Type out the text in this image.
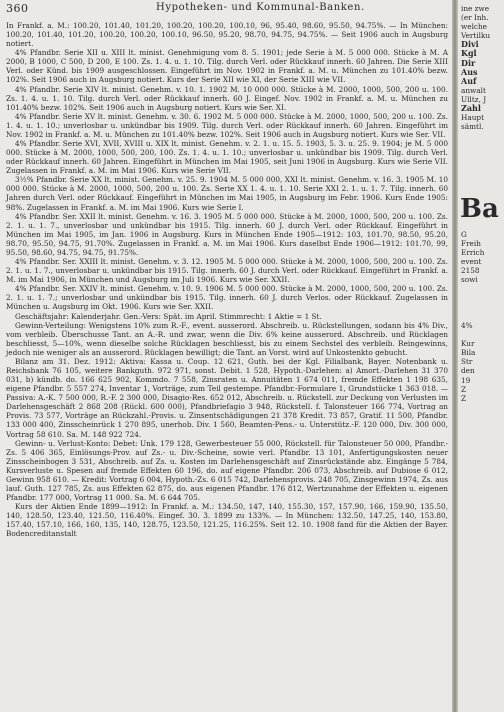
360	Hypotheken- und Kommunal-Banken.

In Frankf. a. M.: 100.20, 101.40, 101.20, 100.20, 100.20, 100.10, 96, 95.40, 98.60, 95.50, 94.75%. — In München: 100.20, 101.40, 101.20, 100.20, 100.20, 100.10, 96.50, 95.20, 98.70, 94.75, 94.75%. — Seit 1906 auch in Augsburg notiert.

4% Pfandbr. Serie XII u. XIII lt. minist. Genehmigung vom 8. 5. 1901; jede Serie à M. 5 000 000. Stücke à M. A 2000, B 1000, C 500, D 200, E 100. Zs. 1. 4. u. 1. 10. Tilg. durch Verl. oder Rückkauf innerh. 60 Jahren. Die Serie XIII Verl. oder Künd. bis 1909 ausgeschlossen. Eingeführt im Nov. 1902 in Frankf. a. M. u. München zu 101.40% bezw. 102%. Seit 1906 auch in Augsburg notiert. Kurs der Serie XII wie XI, der Serie XIII wie VII.

4% Pfandbr. Serie XIV lt. minist. Genehm. v. 10. 1. 1902 M. 10 000 000. Stücke à M. 2000, 1000, 500, 200 u. 100. Zs. 1. 4. u. 1. 10. Tilg. durch Verl. oder Rückkauf innerh. 60 J. Eingef. Nov. 1902 in Frankf. a. M. u. München zu 101.40% bezw. 102%. Seit 1906 auch in Augsburg notiert. Kurs wie Ser. XI.

4% Pfandbr. Serie XV lt. minist. Genehm. v. 30. 6. 1902 M. 5 000 000. Stücke à M. 2000, 1000, 500, 200 u. 100. Zs. 1. 4. u. 1. 10.; unverlosbar u. unkündbar bis 1909. Tilg. durch Verl. oder Rückkauf innerh. 60 Jahren. Eingeführt im Nov. 1902 in Frankf. a. M. u. München zu 101.40% bezw. 102%. Seit 1906 auch in Augsburg notiert. Kurs wie Ser. VII.

4% Pfandbr. Serie XVI, XVII, XVIII u. XIX lt. minist. Genehm. v. 2. 1. u. 15. 5. 1903, 5. 3. u. 25. 9. 1904; je M. 5 000 000. Stücke à M. 2000, 1000, 500, 200, 100. Zs. 1. 4. u. 1. 10.; unverlosbar u. unkündbar bis 1909. Tilg. durch Verl. oder Rückkauf innerh. 60 Jahren. Eingeführt in München im Mai 1905, seit Juni 1906 in Augsburg. Kurs wie Serie VII. Zugelassen in Frankf. a. M. im Mai 1906. Kurs wie Serie VII.

3½% Pfandbr. Serie XX lt. minist. Genehm. v. 25. 9. 1904 M. 5 000 000, XXI lt. minist. Genehm. v. 16. 3. 1905 M. 10 000 000. Stücke à M. 2000, 1000, 500, 200 u. 100. Zs. Serie XX 1. 4. u. 1. 10. Serie XXI 2. 1. u. 1. 7. Tilg. innerh. 60 Jahren durch Verl. oder Rückkauf. Eingeführt in München im Mai 1905, in Augsburg im Febr. 1906. Kurs Ende 1905: 98%. Zugelassen in Frankf. a. M. im Mai 1906. Kurs wie Serie I.

4% Pfandbr. Ser. XXII lt. minist. Genehm. v. 16. 3. 1905 M. 5 000 000. Stücke à M. 2000, 1000, 500, 200 u. 100. Zs. 2. 1. u. 1. 7., unverlosbar und unkündbar bis 1915. Tilg. innerh. 60 J. durch Verl. oder Rückkauf. Eingeführt in München im Mai 1905, im Jan. 1906 in Augsburg. Kurs in München Ende 1905—1912: 103, 101.70, 98.50, 95.20, 98.70, 95.50, 94.75, 91.70%. Zugelassen in Frankf. a. M. im Mai 1906. Kurs daselbst Ende 1906—1912: 101.70, 99, 95.50, 98.60, 94.75, 94.75, 91.75%.

4% Pfandbr. Ser. XXIII lt. minist. Genehm. v. 3. 12. 1905 M. 5 000 000. Stücke à M. 2000, 1000, 500, 200 u. 100. Zs. 2. 1. u. 1. 7., unverlosbar u. unkündbar bis 1915. Tilg. innerh. 60 J. durch Verl. oder Rückkauf. Eingeführt in Frankf. a. M. im Mai 1906, in München und Augsburg im Juli 1906. Kurs wie Ser. XXII.

4% Pfandbr. Ser. XXIV lt. minist. Genehm. v. 10. 9. 1906 M. 5 000 000. Stücke à M. 2000, 1000, 500, 200 u. 100. Zs. 2. 1. u. 1. 7.; unverlosbar und unkündbar bis 1915. Tilg. innerh. 60 J. durch Verlos. oder Rückkauf. Zugelassen in München u. Augsburg im Okt. 1906. Kurs wie Ser. XXII.

Geschäftsjahr: Kalenderjahr. Gen.-Vers: Spät. im April. Stimmrecht: 1 Aktie = 1 St.

Gewinn-Verteilung: Wenigstens 10% zum R.-F., event. ausserord. Abschreib. u. Rückstellungen, sodann bis 4% Div., vom verbleib. Überschusse Tant. an A.-R. und zwar, wenn die Div. 6% keine ausserord. Abschreib. und Rücklagen beschliesst, 5—10%, wenn dieselbe solche Rücklagen beschliesst, bis zu einem Sechstel des verbleib. Reingewinns, jedoch nie weniger als an ausserord. Rücklagen bewilligt; die Tant. an Vorst. wird auf Unkostenkto gebucht.

Bilanz am 31. Dez. 1912: Aktiva: Kassa u. Coup. 12 621, Guth. bei der Kgl. Filialbank, Bayer. Notenbank u. Reichsbank 76 105, weitere Bankguth. 972 971, sonst. Debit. 1 528, Hypoth.-Darlehen: a) Amort.-Darlehen 31 370 031, b) kündb. do. 166 625 902, Kommdo. 7 558, Zinsraten u. Annuitäten 1 674 011, fremde Effekten 1 198 635, eigene Pfandbr. 5 557 274, Inventar 1, Vorträge, zum Teil gestempe. Pfandbr.-Formulare 1, Grundstücke 1 363 018. — Passiva: A.-K. 7 500 000, R.-F. 2 300 000, Disagio-Res. 652 012, Abschreib. u. Rückstell. zur Deckung von Verlusten im Darlehensgeschäft 2 868 208 (Rückl. 600 000), Pfandbriefagio 3 948, Rückstell. f. Talonsteuer 166 774, Vortrag an Provis. 73 577, Vorträge an Rückzahl.-Provis. u. Zinsentschädigungen 21 378 Kredit. 73 857, Gratif. 11 500, Pfandbr. 133 000 400, Zinsscheinrück 1 270 895, unerhob. Div. 1 560, Beamten-Pens.- u. Unterstütz.-F. 120 000, Div. 300 000, Vortrag 58 610. Sa. M. 148 922 724.

Gewinn- u. Verlust-Konto: Debet: Unk. 179 128, Gewerbesteuer 55 000, Rückstell. für Talonsteuer 50 000, Pfandbr.-Zs. 5 406 365, Einlösungs-Prov. auf Zs.- u. Div.-Scheine, sowie verl. Pfandbr. 13 101, Anfertigungskosten neuer Zinsscheinbogen 3 531, Abschreib. auf Zs. u. Kosten im Darlehensgeschäft auf Zinsrückstände abz. Eingänge 5 784, Kursverluste u. Spesen auf fremde Effekten 60 196, do. auf eigene Pfandbr. 206 073, Abschreib. auf Dubiose 6 012, Gewinn 958 610. — Kredit: Vortrag 6 004, Hypoth.-Zs. 6 015 742, Darlehensprovis. 248 705, Zinsgewinn 1974, Zs. aus lauf. Guth. 127 785, Zs. aus Effekten 62 875, do. aus eigenen Pfandbr. 176 812, Wertzunahme der Effekten u. eigenen Pfandbr. 177 000, Vortrag 11 000. Sa. M. 6 644 705.

Kurs der Aktien Ende 1899—1912: In Frankf. a. M.: 134.50, 147, 140, 155.30, 157, 157.90, 166, 159.90, 135.50, 140, 128.50, 123.40, 121.50, 116.40%. Eingef. 30. 3. 1899 zu 133%. — In München: 132.50, 147.25, 140, 153.80, 157.40, 157.10, 166, 160, 135, 140, 128.75, 123.50, 121.25, 116.25%. Seit 12. 10. 1908 fand für die Aktien der Bayer. Bodencreditanstalt

ine zwe
(er Inh.
welche
Vertilku
Divi
Kgl
Dir
Aus
Auf
anwalt
Ulltz, J
Zahl
Haupt
sämtl.
Ba
G
Freih
Errich
event
2158
sowi
4%
Kur
Bila
Str
den
19
Z
Z
